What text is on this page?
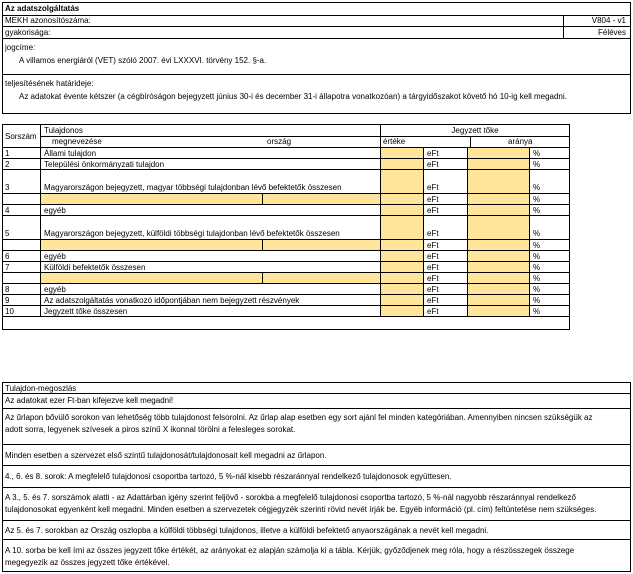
Az adatszolgáltatás
MEKH azonosítószáma:	V804 - v1
gyakorisága:	Féléves
jogcíme:
A villamos energiáról (VET) szóló 2007. évi LXXXVI. törvény 152. §-a.
teljesítésének határideje:
Az adatokat évente kétszer (a cégbíróságon bejegyzett június 30-i és december 31-i állapotra vonatkozóan) a tárgyidőszakot követő hó 10-ig kell megadni.
Sorszám
Tulajdonos
megnevezése	ország
Jegyzett tőke
értéke	aránya
1	Állami tulajdon	eFt	%
2	Települési önkormányzati tulajdon	eFt	%
3	Magyarországon bejegyzett, magyar többségi tulajdonban lévő befektetők összesen	eFt	%
eFt	%
4	egyéb	eFt	%
5	Magyarországon bejegyzett, külföldi többségi tulajdonban lévő befektetők összesen	eFt	%
eFt	%
6	egyéb	eFt	%
7	Külföldi befektetők összesen	eFt	%
eFt	%
8	egyéb	eFt	%
9	Az adatszolgáltatás vonatkozó időpontjában nem bejegyzett részvények	eFt	%
10	Jegyzett tőke összesen	eFt	%
Tulajdon-megoszlás
Az adatokat ezer Ft-ban kifejezve kell megadni!
Az űrlapon bővülő sorokon van lehetőség több tulajdonost felsorolni. Az űrlap alap esetben egy sort ajánl fel minden kategóriában. Amennyiben nincsen szükségük az
adott sorra, legyenek szívesek a piros színű X ikonnal törölni a felesleges sorokat.
Minden esetben a szervezet első szintű tulajdonosát/tulajdonosait kell megadni az űrlapon.
4., 6. és 8. sorok: A megfelelő tulajdonosi csoportba tartozó, 5 %-nál kisebb részaránnyal rendelkező tulajdonosok együttesen.
A 3., 5. és 7. sorszámok alatti - az Adattárban igény szerint feljövő - sorokba a megfelelő tulajdonosi csoportba tartozó, 5 %-nál nagyobb részaránnyal rendelkező
tulajdonosokat egyenként kell megadni. Minden esetben a szervezetek cégjegyzék szerinti rövid nevét írják be. Egyéb információ (pl. cím) feltüntetése nem szükséges.
Az 5. és 7. sorokban az Ország oszlopba a külföldi többségi tulajdonos, illetve a külföldi befektető anyaországának a nevét kell megadni.
A 10. sorba be kell írni az összes jegyzett tőke értékét, az arányokat ez alapján számolja ki a tábla. Kérjük, győződjenek meg róla, hogy a részösszegek összege
megegyezik az összes jegyzett tőke értékével.
